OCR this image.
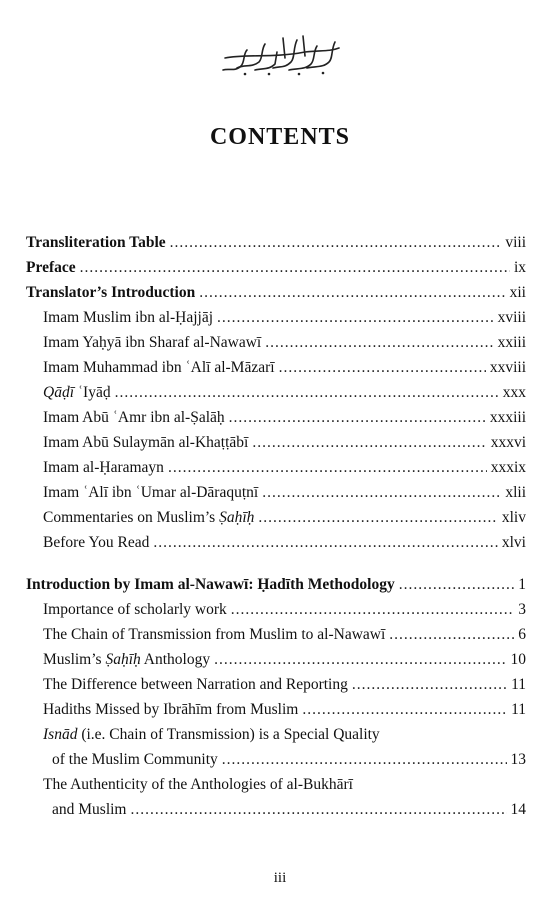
CONTENTS
Transliteration Table .....	viii
Preface .....	ix
Translator’s Introduction .....	xii
Imam Muslim ibn al-Ḥajjāj .....	xviii
Imam Yaḥyā ibn Sharaf al-Nawawī .....	xxiii
Imam Muhammad ibn ʿAlī al-Māzarī .....	xxviii
Qāḍī ʿIyāḍ .....	xxx
Imam Abū ʿAmr ibn al-Ṣalāḥ .....	xxxiii
Imam Abū Sulaymān al-Khaṭṭābī .....	xxxvi
Imam al-Ḥaramayn .....	xxxix
Imam ʿAlī ibn ʿUmar al-Dāraquṭnī .....	xlii
Commentaries on Muslim’s Ṣaḥīḥ .....	xliv
Before You Read .....	xlvi
Introduction by Imam al-Nawawī: Ḥadīth Methodology .....	1
Importance of scholarly work .....	3
The Chain of Transmission from Muslim to al-Nawawī .....	6
Muslim’s Ṣaḥīḥ Anthology .....	10
The Difference between Narration and Reporting .....	11
Hadiths Missed by Ibrāhīm from Muslim .....	11
Isnād (i.e. Chain of Transmission) is a Special Quality
of the Muslim Community .....	13
The Authenticity of the Anthologies of al-Bukhārī
and Muslim .....	14
iii
